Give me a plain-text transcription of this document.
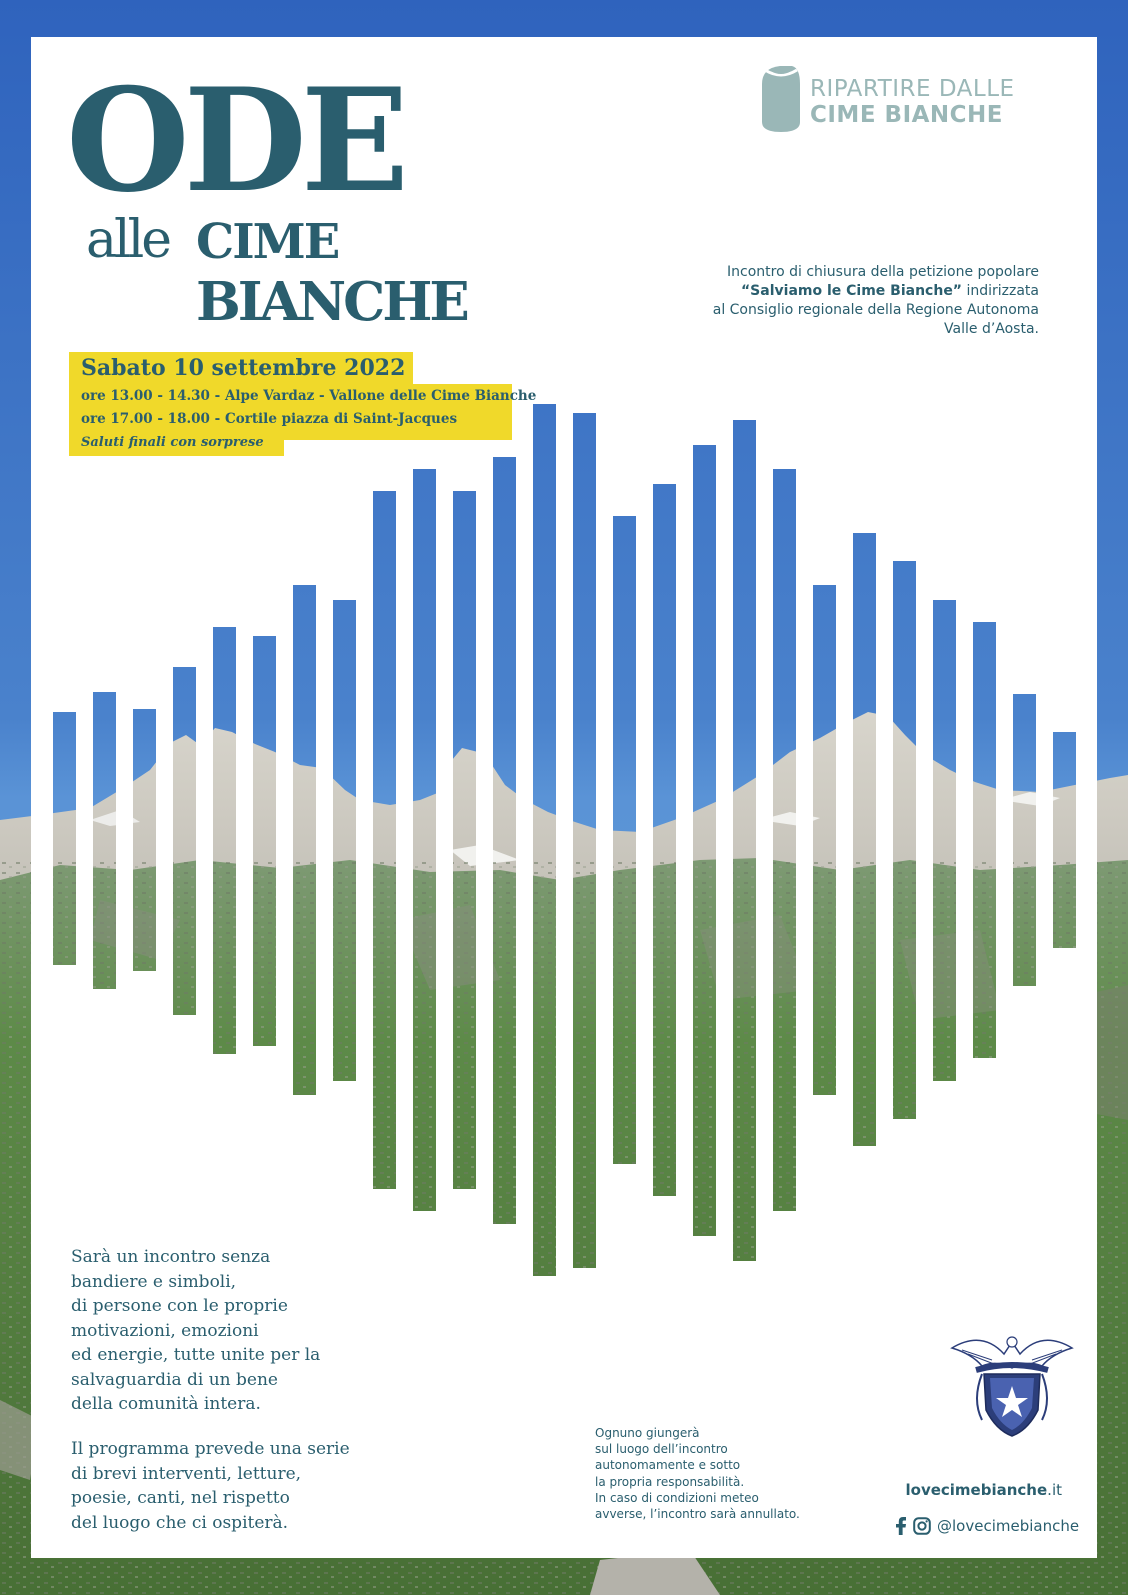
ODE
alle CIME
BIANCHE
RIPARTIRE DALLE
CIME BIANCHE
Incontro di chiusura della petizione popolare
“Salviamo le Cime Bianche” indirizzata
al Consiglio regionale della Regione Autonoma
Valle d’Aosta.
Sabato 10 settembre 2022
ore 13.00 - 14.30 - Alpe Vardaz - Vallone delle Cime Bianche
ore 17.00 - 18.00 - Cortile piazza di Saint-Jacques
Saluti finali con sorprese
Sarà un incontro senza
bandiere e simboli,
di persone con le proprie
motivazioni, emozioni
ed energie, tutte unite per la
salvaguardia di un bene
della comunità intera.
Il programma prevede una serie
di brevi interventi, letture,
poesie, canti, nel rispetto
del luogo che ci ospiterà.
Ognuno giungerà
sul luogo dell’incontro
autonomamente e sotto
la propria responsabilità.
In caso di condizioni meteo
avverse, l’incontro sarà annullato.
lovecimebianche.it
@lovecimebianche
